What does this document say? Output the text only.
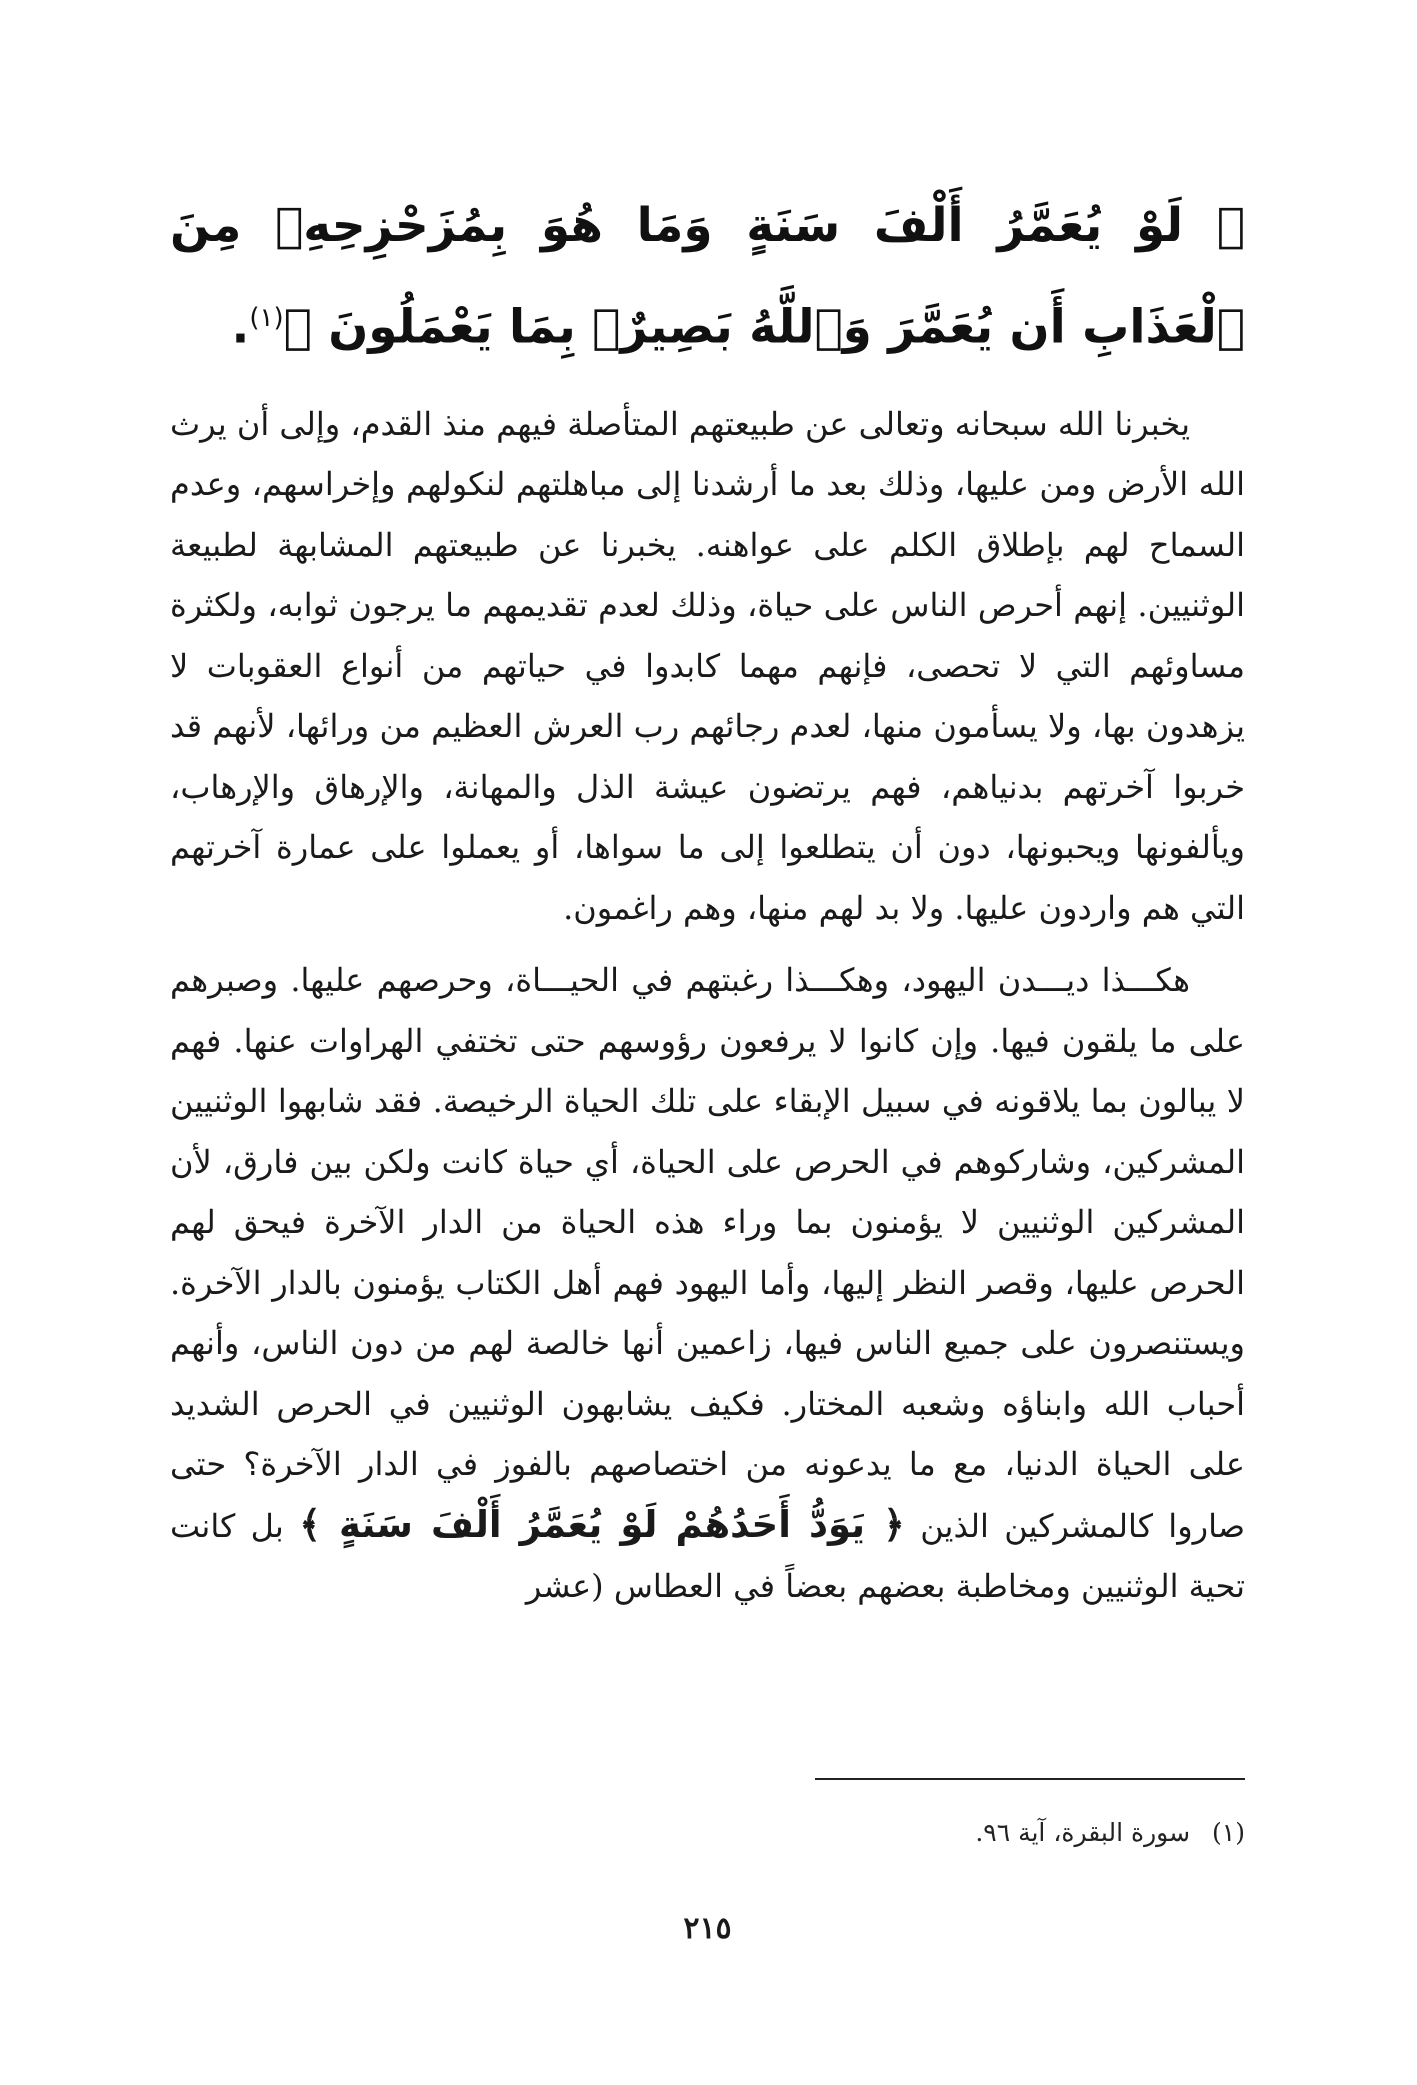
﴿ لَوْ يُعَمَّرُ أَلْفَ سَنَةٍ وَمَا هُوَ بِمُزَحْزِحِهِۦ مِنَ ٱلْعَذَابِ أَن يُعَمَّرَ وَٱللَّهُ بَصِيرٌۢ بِمَا يَعْمَلُونَ ﴾$^{(١)}$.

يخبرنا الله سبحانه وتعالى عن طبيعتهم المتأصلة فيهم منذ القدم، وإلى أن يرث الله الأرض ومن عليها، وذلك بعد ما أرشدنا إلى مباهلتهم لنكولهم وإخراسهم، وعدم السماح لهم بإطلاق الكلم على عواهنه. يخبرنا عن طبيعتهم المشابهة لطبيعة الوثنيين. إنهم أحرص الناس على حياة، وذلك لعدم تقديمهم ما يرجون ثوابه، ولكثرة مساوئهم التي لا تحصى، فإنهم مهما كابدوا في حياتهم من أنواع العقوبات لا يزهدون بها، ولا يسأمون منها، لعدم رجائهم رب العرش العظيم من ورائها، لأنهم قد خربوا آخرتهم بدنياهم، فهم يرتضون عيشة الذل والمهانة، والإرهاق والإرهاب، ويألفونها ويحبونها، دون أن يتطلعوا إلى ما سواها، أو يعملوا على عمارة آخرتهم التي هم واردون عليها. ولا بد لهم منها، وهم راغمون.

هكـــذا ديـــدن اليهود، وهكـــذا رغبتهم في الحيـــاة، وحرصهم عليها. وصبرهم على ما يلقون فيها. وإن كانوا لا يرفعون رؤوسهم حتى تختفي الهراوات عنها. فهم لا يبالون بما يلاقونه في سبيل الإبقاء على تلك الحياة الرخيصة. فقد شابهوا الوثنيين المشركين، وشاركوهم في الحرص على الحياة، أي حياة كانت ولكن بين فارق، لأن المشركين الوثنيين لا يؤمنون بما وراء هذه الحياة من الدار الآخرة فيحق لهم الحرص عليها، وقصر النظر إليها، وأما اليهود فهم أهل الكتاب يؤمنون بالدار الآخرة. ويستنصرون على جميع الناس فيها، زاعمين أنها خالصة لهم من دون الناس، وأنهم أحباب الله وابناؤه وشعبه المختار. فكيف يشابهون الوثنيين في الحرص الشديد على الحياة الدنيا، مع ما يدعونه من اختصاصهم بالفوز في الدار الآخرة؟ حتى صاروا كالمشركين الذين ﴿ يَوَدُّ أَحَدُهُمْ لَوْ يُعَمَّرُ أَلْفَ سَنَةٍ ﴾ بل كانت تحية الوثنيين ومخاطبة بعضهم بعضاً في العطاس (عشر

(١)سورة البقرة، آية ٩٦.
٢١٥
